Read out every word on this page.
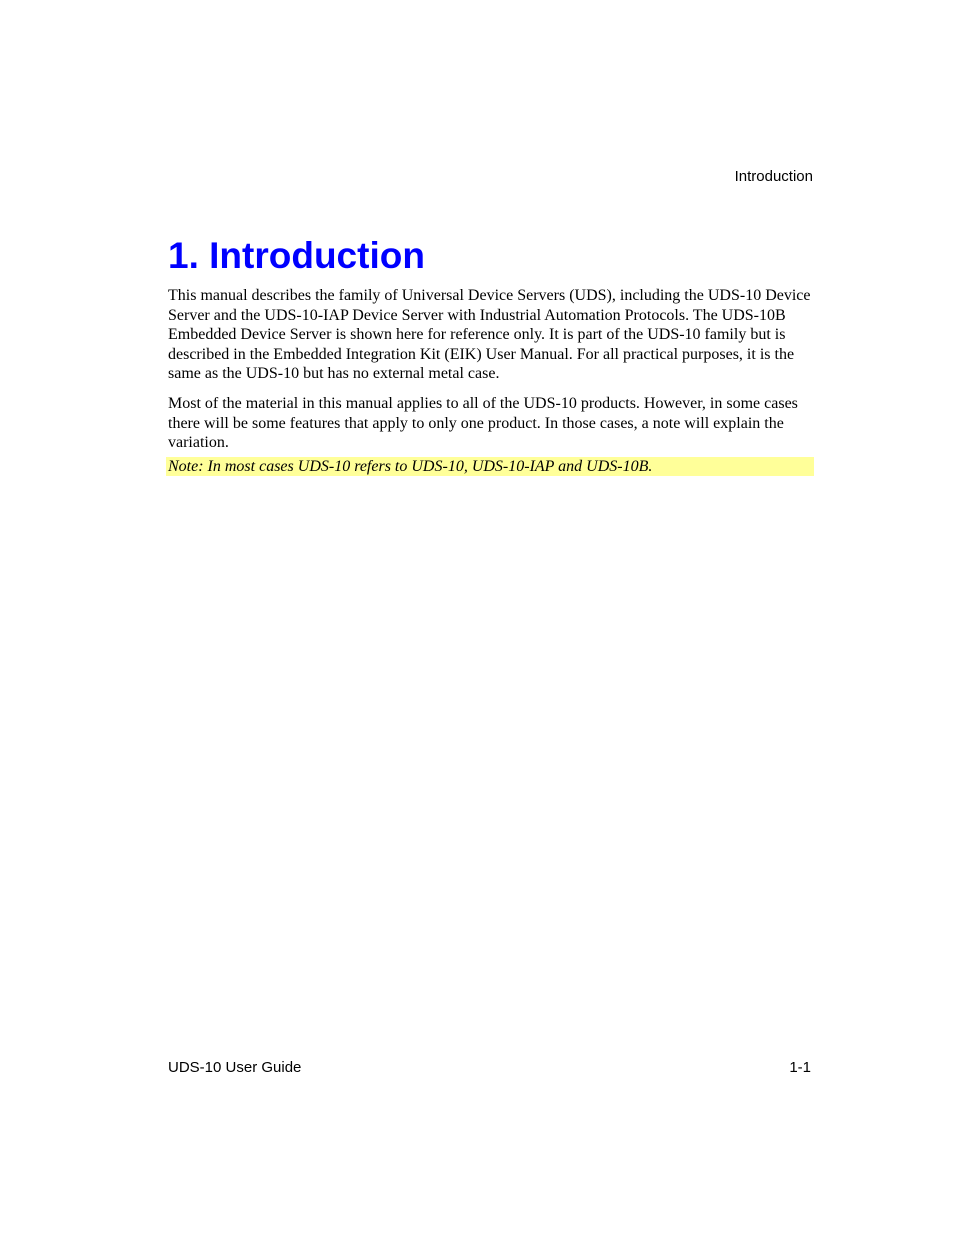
Introduction
1. Introduction

This manual describes the family of Universal Device Servers (UDS), including the UDS-10 Device Server and the UDS-10-IAP Device Server with Industrial Automation Protocols. The UDS-10B Embedded Device Server is shown here for reference only. It is part of the UDS-10 family but is described in the Embedded Integration Kit (EIK) User Manual. For all practical purposes, it is the same as the UDS-10 but has no external metal case.

Most of the material in this manual applies to all of the UDS-10 products. However, in some cases there will be some features that apply to only one product. In those cases, a note will explain the variation.

Note: In most cases UDS-10 refers to UDS-10, UDS-10-IAP and UDS-10B.
UDS-10 User Guide	1-1
